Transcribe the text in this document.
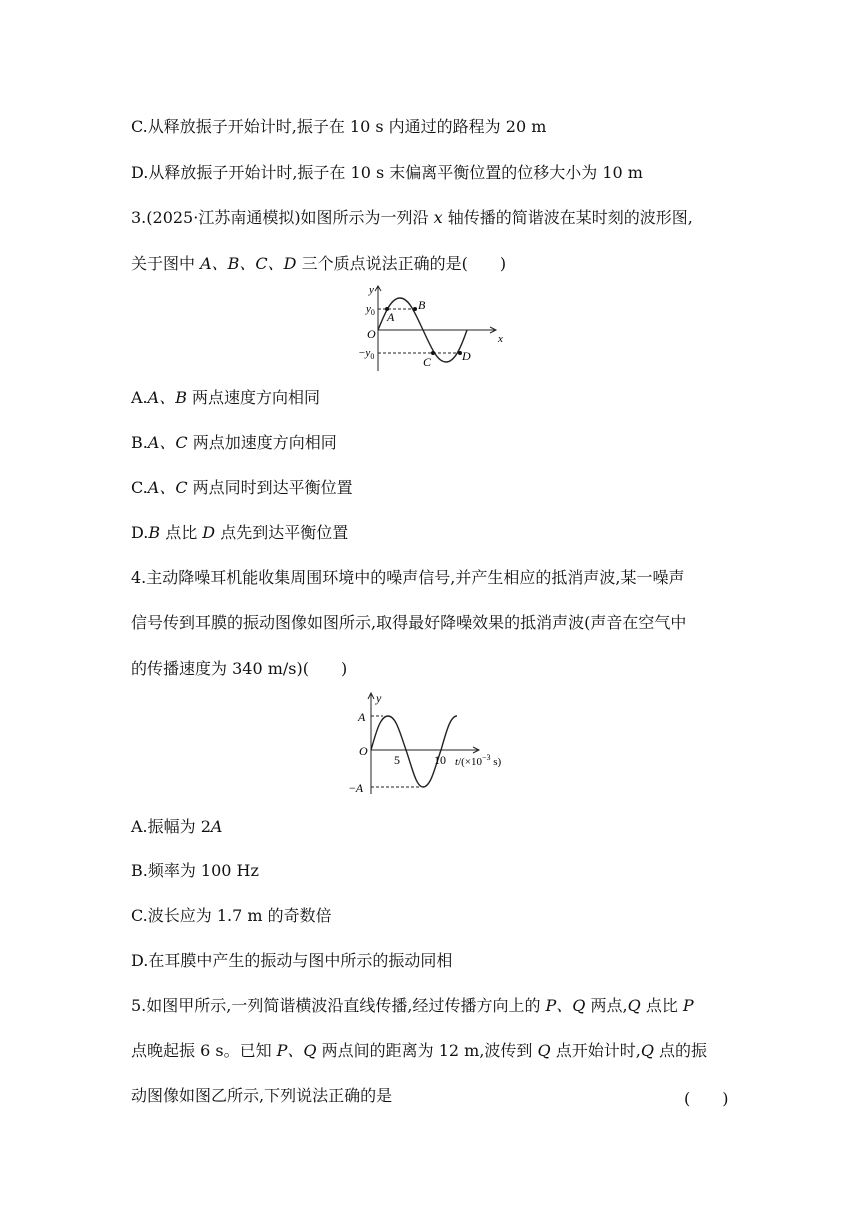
C.从释放振子开始计时,振子在 10 s 内通过的路程为 20 m
D.从释放振子开始计时,振子在 10 s 末偏离平衡位置的位移大小为 10 m
3.(2025·江苏南通模拟)如图所示为一列沿 x 轴传播的简谐波在某时刻的波形图,
关于图中 A、B、C、D 三个质点说法正确的是(　　)
y
x
O
$y_0$
$-y_0$
A
B
C	D
A.A、B 两点速度方向相同
B.A、C 两点加速度方向相同
C.A、C 两点同时到达平衡位置
D.B 点比 D 点先到达平衡位置
4.主动降噪耳机能收集周围环境中的噪声信号,并产生相应的抵消声波,某一噪声
信号传到耳膜的振动图像如图所示,取得最好降噪效果的抵消声波(声音在空气中
的传播速度为 340 m/s)(　　)
y
A
O
5	10 $t/(\times 10^{-3}$ s)
−A
A.振幅为 2A
B.频率为 100 Hz
C.波长应为 1.7 m 的奇数倍
D.在耳膜中产生的振动与图中所示的振动同相
5.如图甲所示,一列简谐横波沿直线传播,经过传播方向上的 P、Q 两点,Q 点比 P
点晚起振 6 s。已知 P、Q 两点间的距离为 12 m,波传到 Q 点开始计时,Q 点的振
动图像如图乙所示,下列说法正确的是	(　　)
